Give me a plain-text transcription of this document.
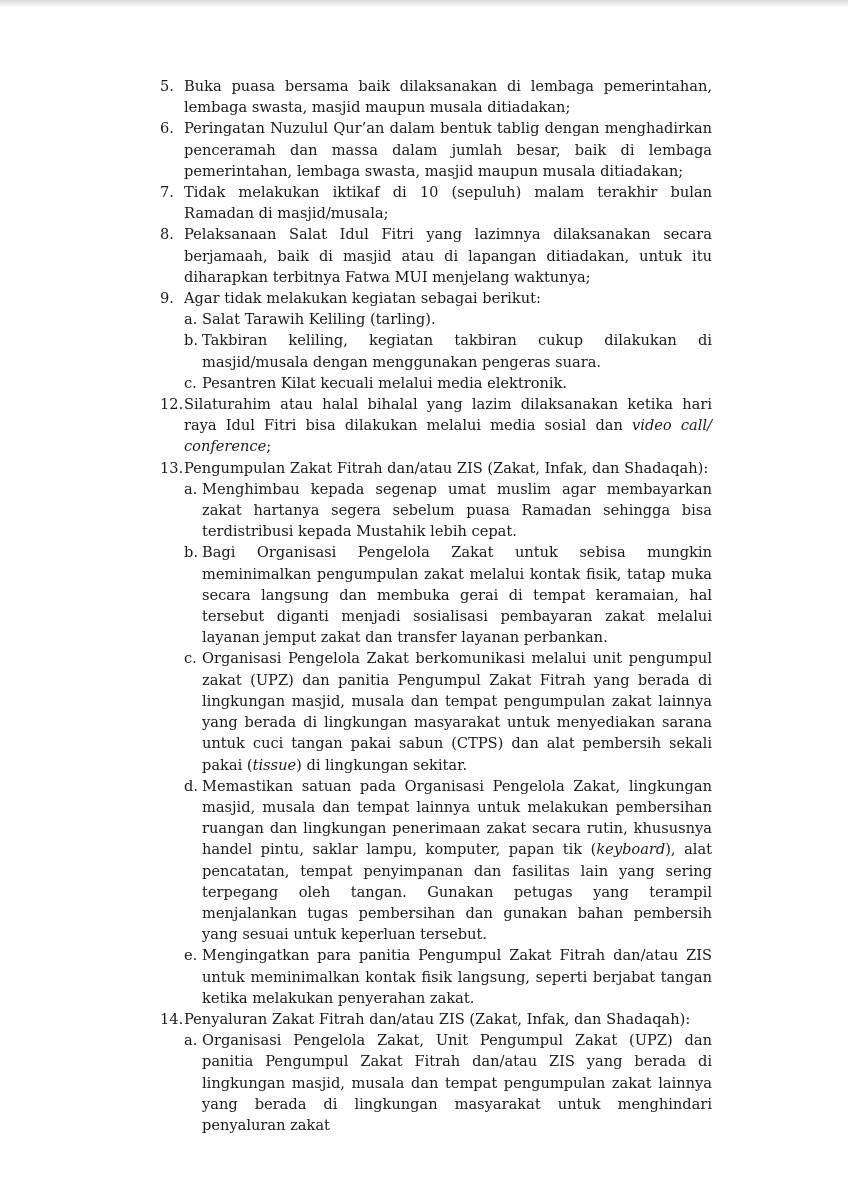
5. Buka puasa bersama baik dilaksanakan di lembaga pemerintahan, lembaga swasta, masjid maupun musala ditiadakan;
6. Peringatan Nuzulul Qur’an dalam bentuk tablig dengan menghadirkan penceramah dan massa dalam jumlah besar, baik di lembaga pemerintahan, lembaga swasta, masjid maupun musala ditiadakan;
7. Tidak melakukan iktikaf di 10 (sepuluh) malam terakhir bulan Ramadan di masjid/musala;
8. Pelaksanaan Salat Idul Fitri yang lazimnya dilaksanakan secara berjamaah, baik di masjid atau di lapangan ditiadakan, untuk itu diharapkan terbitnya Fatwa MUI menjelang waktunya;
9. Agar tidak melakukan kegiatan sebagai berikut:
a. Salat Tarawih Keliling (tarling).
b. Takbiran keliling, kegiatan takbiran cukup dilakukan di masjid/musala dengan menggunakan pengeras suara.
c. Pesantren Kilat kecuali melalui media elektronik.
12. Silaturahim atau halal bihalal yang lazim dilaksanakan ketika hari raya Idul Fitri bisa dilakukan melalui media sosial dan video call/ conference;
13. Pengumpulan Zakat Fitrah dan/atau ZIS (Zakat, Infak, dan Shadaqah):
a. Menghimbau kepada segenap umat muslim agar membayarkan zakat hartanya segera sebelum puasa Ramadan sehingga bisa terdistribusi kepada Mustahik lebih cepat.
b. Bagi Organisasi Pengelola Zakat untuk sebisa mungkin meminimalkan pengumpulan zakat melalui kontak fisik, tatap muka secara langsung dan membuka gerai di tempat keramaian, hal tersebut diganti menjadi sosialisasi pembayaran zakat melalui layanan jemput zakat dan transfer layanan perbankan.
c. Organisasi Pengelola Zakat berkomunikasi melalui unit pengumpul zakat (UPZ) dan panitia Pengumpul Zakat Fitrah yang berada di lingkungan masjid, musala dan tempat pengumpulan zakat lainnya yang berada di lingkungan masyarakat untuk menyediakan sarana untuk cuci tangan pakai sabun (CTPS) dan alat pembersih sekali pakai (tissue) di lingkungan sekitar.
d. Memastikan satuan pada Organisasi Pengelola Zakat, lingkungan masjid, musala dan tempat lainnya untuk melakukan pembersihan ruangan dan lingkungan penerimaan zakat secara rutin, khususnya handel pintu, saklar lampu, komputer, papan tik (keyboard), alat pencatatan, tempat penyimpanan dan fasilitas lain yang sering terpegang oleh tangan. Gunakan petugas yang terampil menjalankan tugas pembersihan dan gunakan bahan pembersih yang sesuai untuk keperluan tersebut.
e. Mengingatkan para panitia Pengumpul Zakat Fitrah dan/atau ZIS untuk meminimalkan kontak fisik langsung, seperti berjabat tangan ketika melakukan penyerahan zakat.
14. Penyaluran Zakat Fitrah dan/atau ZIS (Zakat, Infak, dan Shadaqah):
a. Organisasi Pengelola Zakat, Unit Pengumpul Zakat (UPZ) dan panitia Pengumpul Zakat Fitrah dan/atau ZIS yang berada di lingkungan masjid, musala dan tempat pengumpulan zakat lainnya yang berada di lingkungan masyarakat untuk menghindari penyaluran zakat
